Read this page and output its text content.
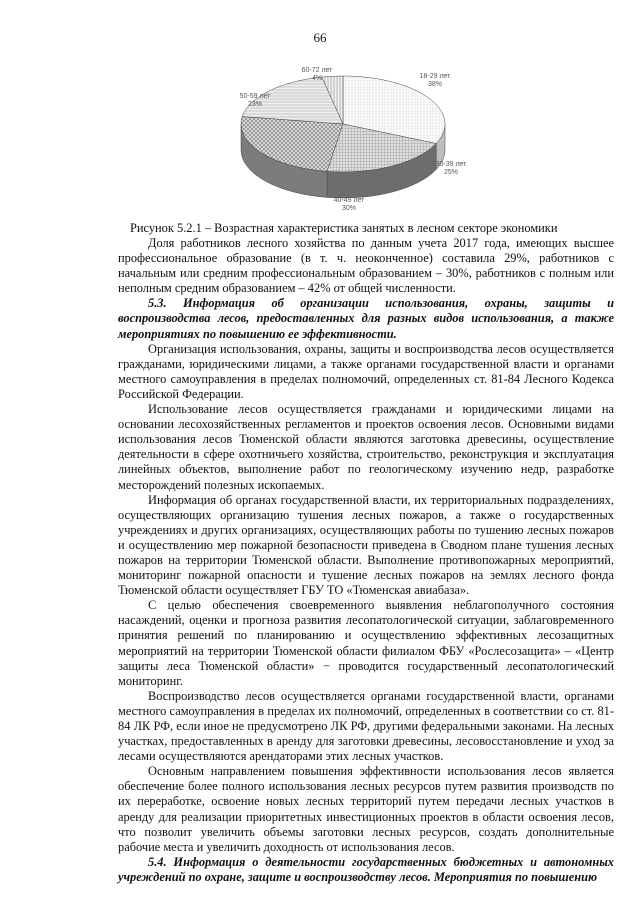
66
18-29 лет
38%
30-39 лет
25%
40-49 лет
30%
50-59 лет
23%
60-72 лет
4%
Рисунок 5.2.1 – Возрастная характеристика занятых в лесном секторе экономики

Доля работников лесного хозяйства по данным учета 2017 года, имеющих высшее профессиональное образование (в т. ч. неоконченное) составила 29%, работников с начальным или средним профессиональным образованием – 30%, работников с полным или неполным средним образованием – 42% от общей численности.

5.3. Информация об организации использования, охраны, защиты и воспроизводства лесов, предоставленных для разных видов использования, а также мероприятиях по повышению ее эффективности.

Организация использования, охраны, защиты и воспроизводства лесов осуществляется гражданами, юридическими лицами, а также органами государственной власти и органами местного самоуправления в пределах полномочий, определенных ст. 81-84 Лесного Кодекса Российской Федерации.

Использование лесов осуществляется гражданами и юридическими лицами на основании лесохозяйственных регламентов и проектов освоения лесов. Основными видами использования лесов Тюменской области являются заготовка древесины, осуществление деятельности в сфере охотничьего хозяйства, строительство, реконструкция и эксплуатация линейных объектов, выполнение работ по геологическому изучению недр, разработке месторождений полезных ископаемых.

Информация об органах государственной власти, их территориальных подразделениях, осуществляющих организацию тушения лесных пожаров, а также о государственных учреждениях и других организациях, осуществляющих работы по тушению лесных пожаров и осуществлению мер пожарной безопасности приведена в Сводном плане тушения лесных пожаров на территории Тюменской области. Выполнение противопожарных мероприятий, мониторинг пожарной опасности и тушение лесных пожаров на землях лесного фонда Тюменской области осуществляет ГБУ ТО «Тюменская авиабаза».

С целью обеспечения своевременного выявления неблагополучного состояния насаждений, оценки и прогноза развития лесопатологической ситуации, заблаговременного принятия решений по планированию и осуществлению эффективных лесозащитных мероприятий на территории Тюменской области филиалом ФБУ «Рослесозащита» – «Центр защиты леса Тюменской области» − проводится государственный лесопатологический мониторинг.

Воспроизводство лесов осуществляется органами государственной власти, органами местного самоуправления в пределах их полномочий, определенных в соответствии со ст. 81-84 ЛК РФ, если иное не предусмотрено ЛК РФ, другими федеральными законами. На лесных участках, предоставленных в аренду для заготовки древесины, лесовосстановление и уход за лесами осуществляются арендаторами этих лесных участков.

Основным направлением повышения эффективности использования лесов является обеспечение более полного использования лесных ресурсов путем развития производств по их переработке, освоение новых лесных территорий путем передачи лесных участков в аренду для реализации приоритетных инвестиционных проектов в области освоения лесов, что позволит увеличить объемы заготовки лесных ресурсов, создать дополнительные рабочие места и увеличить доходность от использования лесов.

5.4. Информация о деятельности государственных бюджетных и автономных учреждений по охране, защите и воспроизводству лесов. Мероприятия по повышению
